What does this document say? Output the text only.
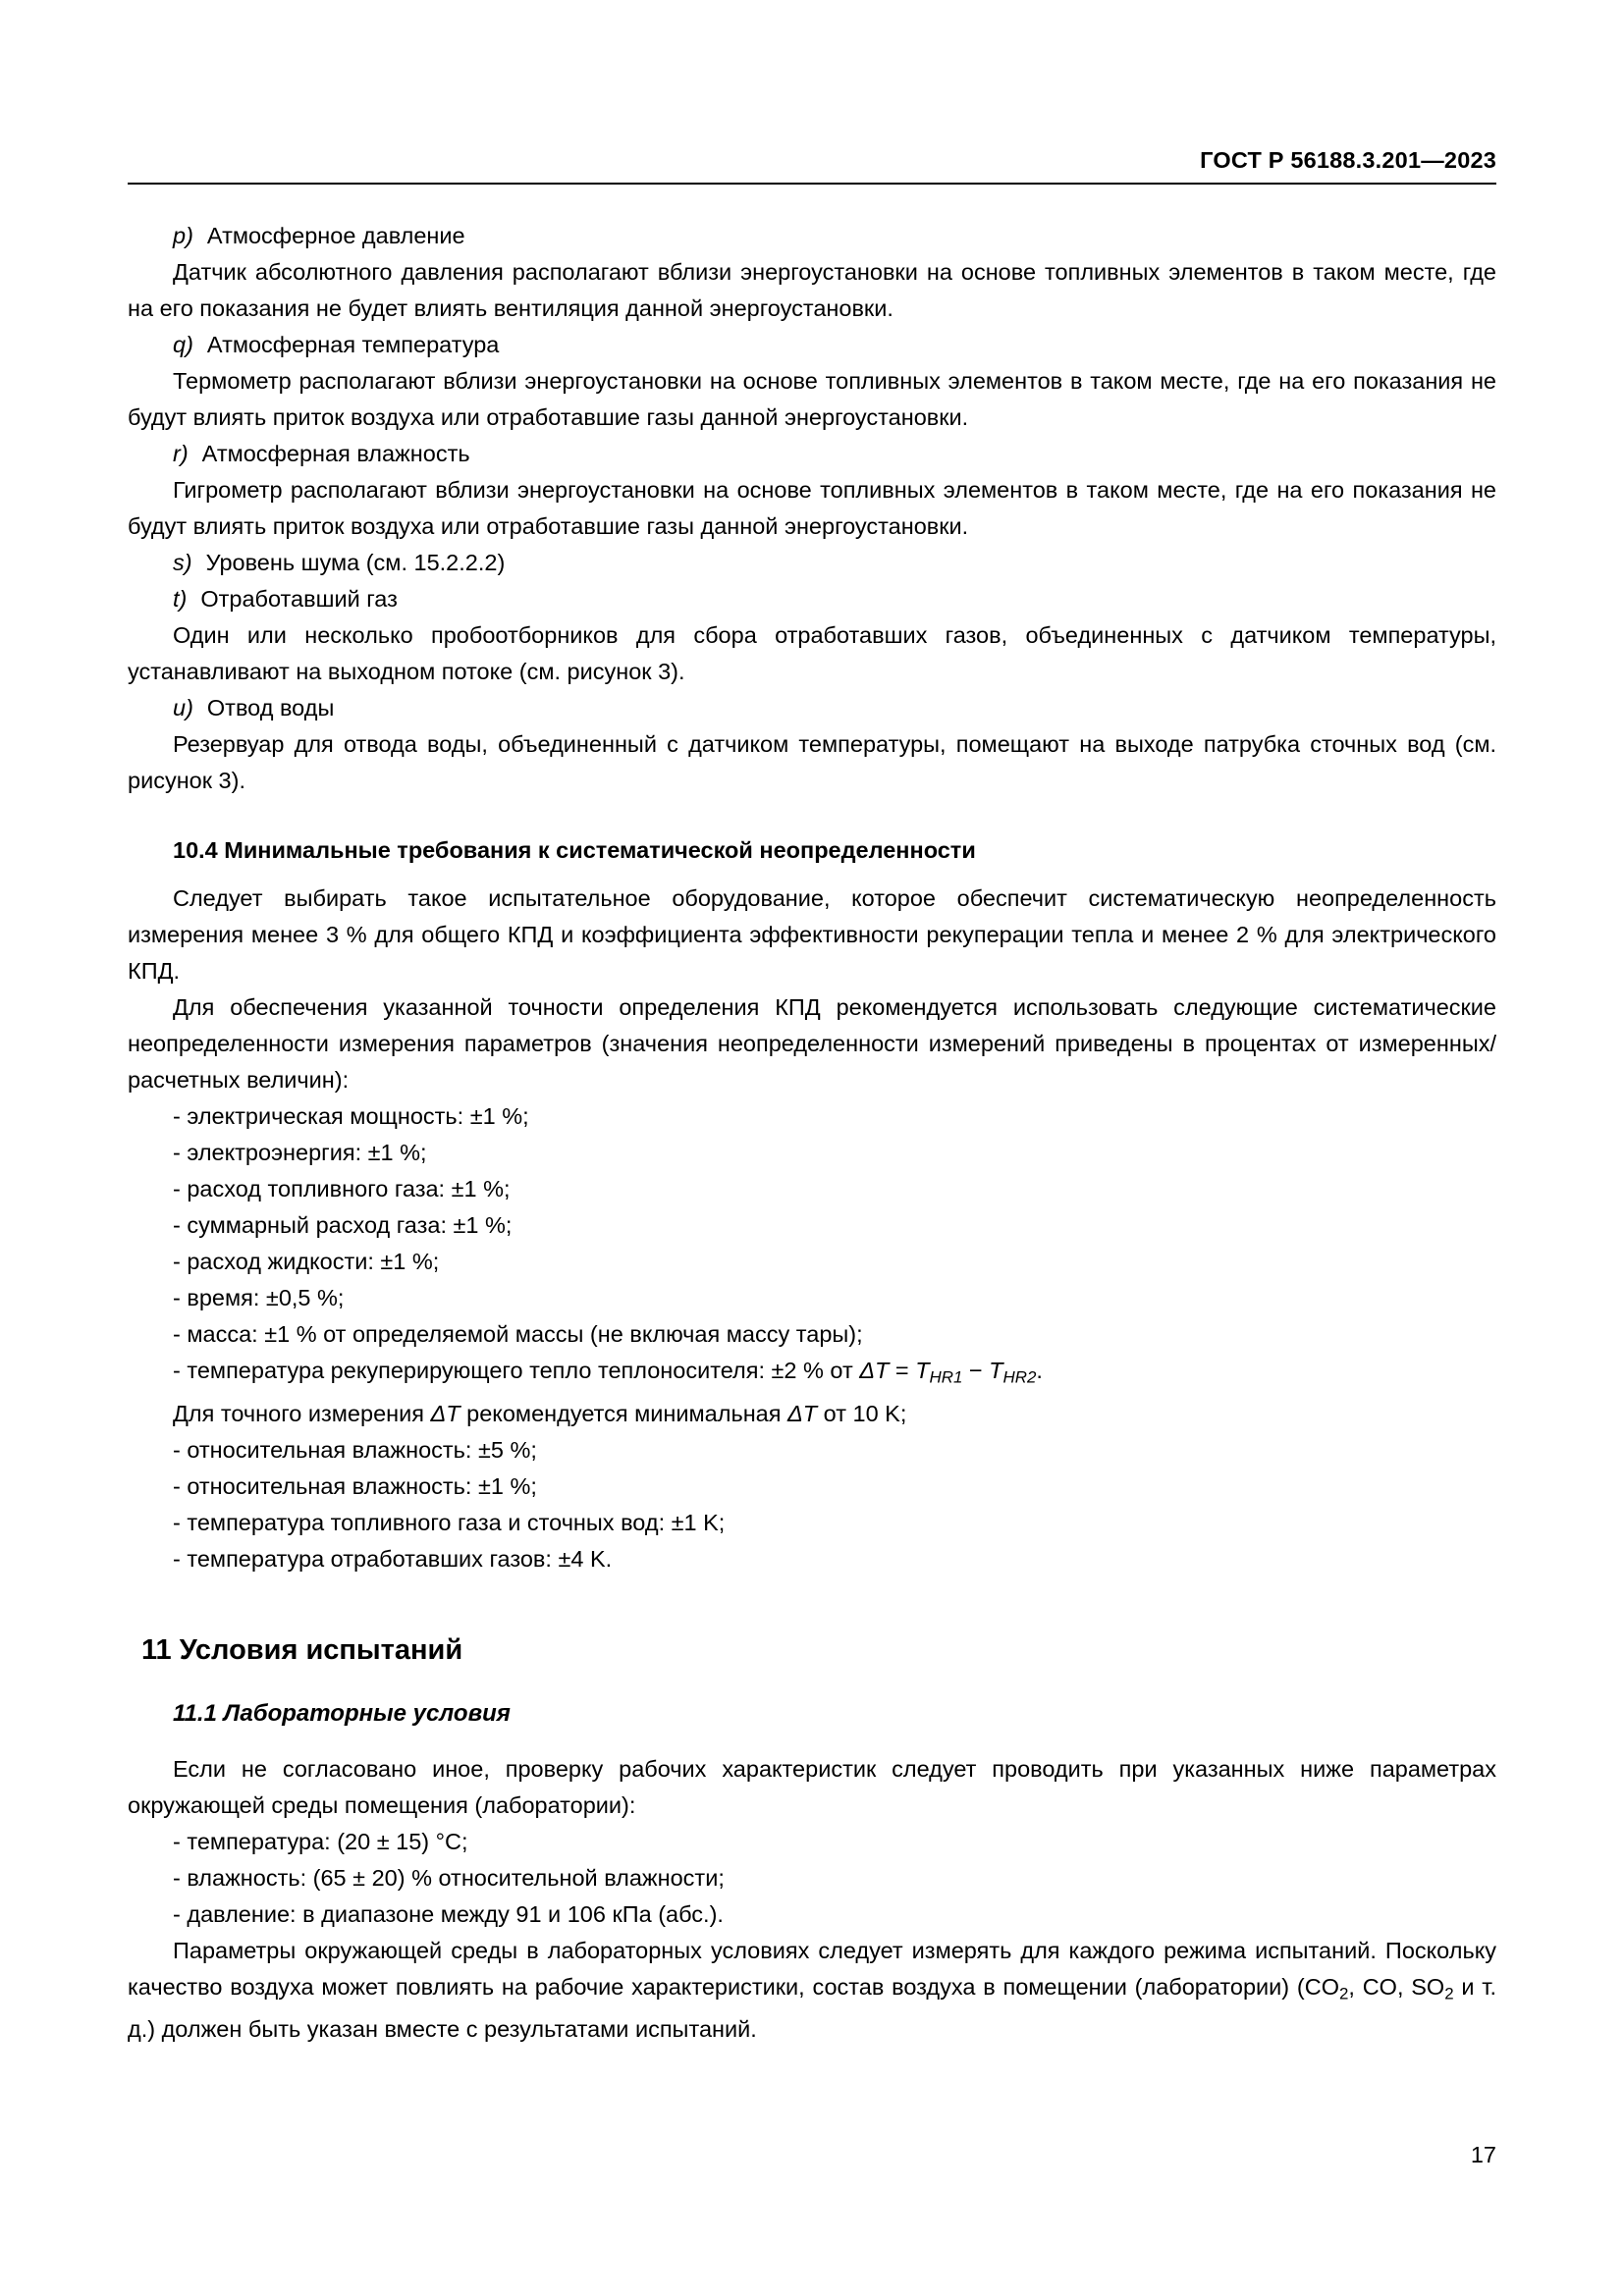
ГОСТ Р 56188.3.201—2023

p) Атмосферное давление

Датчик абсолютного давления располагают вблизи энергоустановки на основе топливных элементов в таком месте, где на его показания не будет влиять вентиляция данной энергоустановки.

q) Атмосферная температура

Термометр располагают вблизи энергоустановки на основе топливных элементов в таком месте, где на его показания не будут влиять приток воздуха или отработавшие газы данной энергоустановки.

r) Атмосферная влажность

Гигрометр располагают вблизи энергоустановки на основе топливных элементов в таком месте, где на его показания не будут влиять приток воздуха или отработавшие газы данной энергоустановки.

s) Уровень шума (см. 15.2.2.2)

t) Отработавший газ

Один или несколько пробоотборников для сбора отработавших газов, объединенных с датчиком температуры, устанавливают на выходном потоке (см. рисунок 3).

u) Отвод воды

Резервуар для отвода воды, объединенный с датчиком температуры, помещают на выходе патрубка сточных вод (см. рисунок 3).

10.4 Минимальные требования к систематической неопределенности

Следует выбирать такое испытательное оборудование, которое обеспечит систематическую неопределенность измерения менее 3 % для общего КПД и коэффициента эффективности рекуперации тепла и менее 2 % для электрического КПД.

Для обеспечения указанной точности определения КПД рекомендуется использовать следующие систематические неопределенности измерения параметров (значения неопределенности измерений приведены в процентах от измеренных/расчетных величин):

- электрическая мощность: ±1 %;

- электроэнергия: ±1 %;

- расход топливного газа: ±1 %;

- суммарный расход газа: ±1 %;

- расход жидкости: ±1 %;

- время: ±0,5 %;

- масса: ±1 % от определяемой массы (не включая массу тары);

- температура рекуперирующего тепло теплоносителя: ±2 % от $\Delta T = T_{HR1} - T_{HR2}$.

Для точного измерения ΔT рекомендуется минимальная ΔT от 10 K;

- относительная влажность: ±5 %;

- относительная влажность: ±1 %;

- температура топливного газа и сточных вод: ±1 K;

- температура отработавших газов: ±4 K.

11 Условия испытаний
11.1 Лабораторные условия

Если не согласовано иное, проверку рабочих характеристик следует проводить при указанных ниже параметрах окружающей среды помещения (лаборатории):

- температура: (20 ± 15) °C;

- влажность: (65 ± 20) % относительной влажности;

- давление: в диапазоне между 91 и 106 кПа (абс.).

Параметры окружающей среды в лабораторных условиях следует измерять для каждого режима испытаний. Поскольку качество воздуха может повлиять на рабочие характеристики, состав воздуха в помещении (лаборатории) ($CO_2$, CO, $SO_2$ и т. д.) должен быть указан вместе с результатами испытаний.

17
